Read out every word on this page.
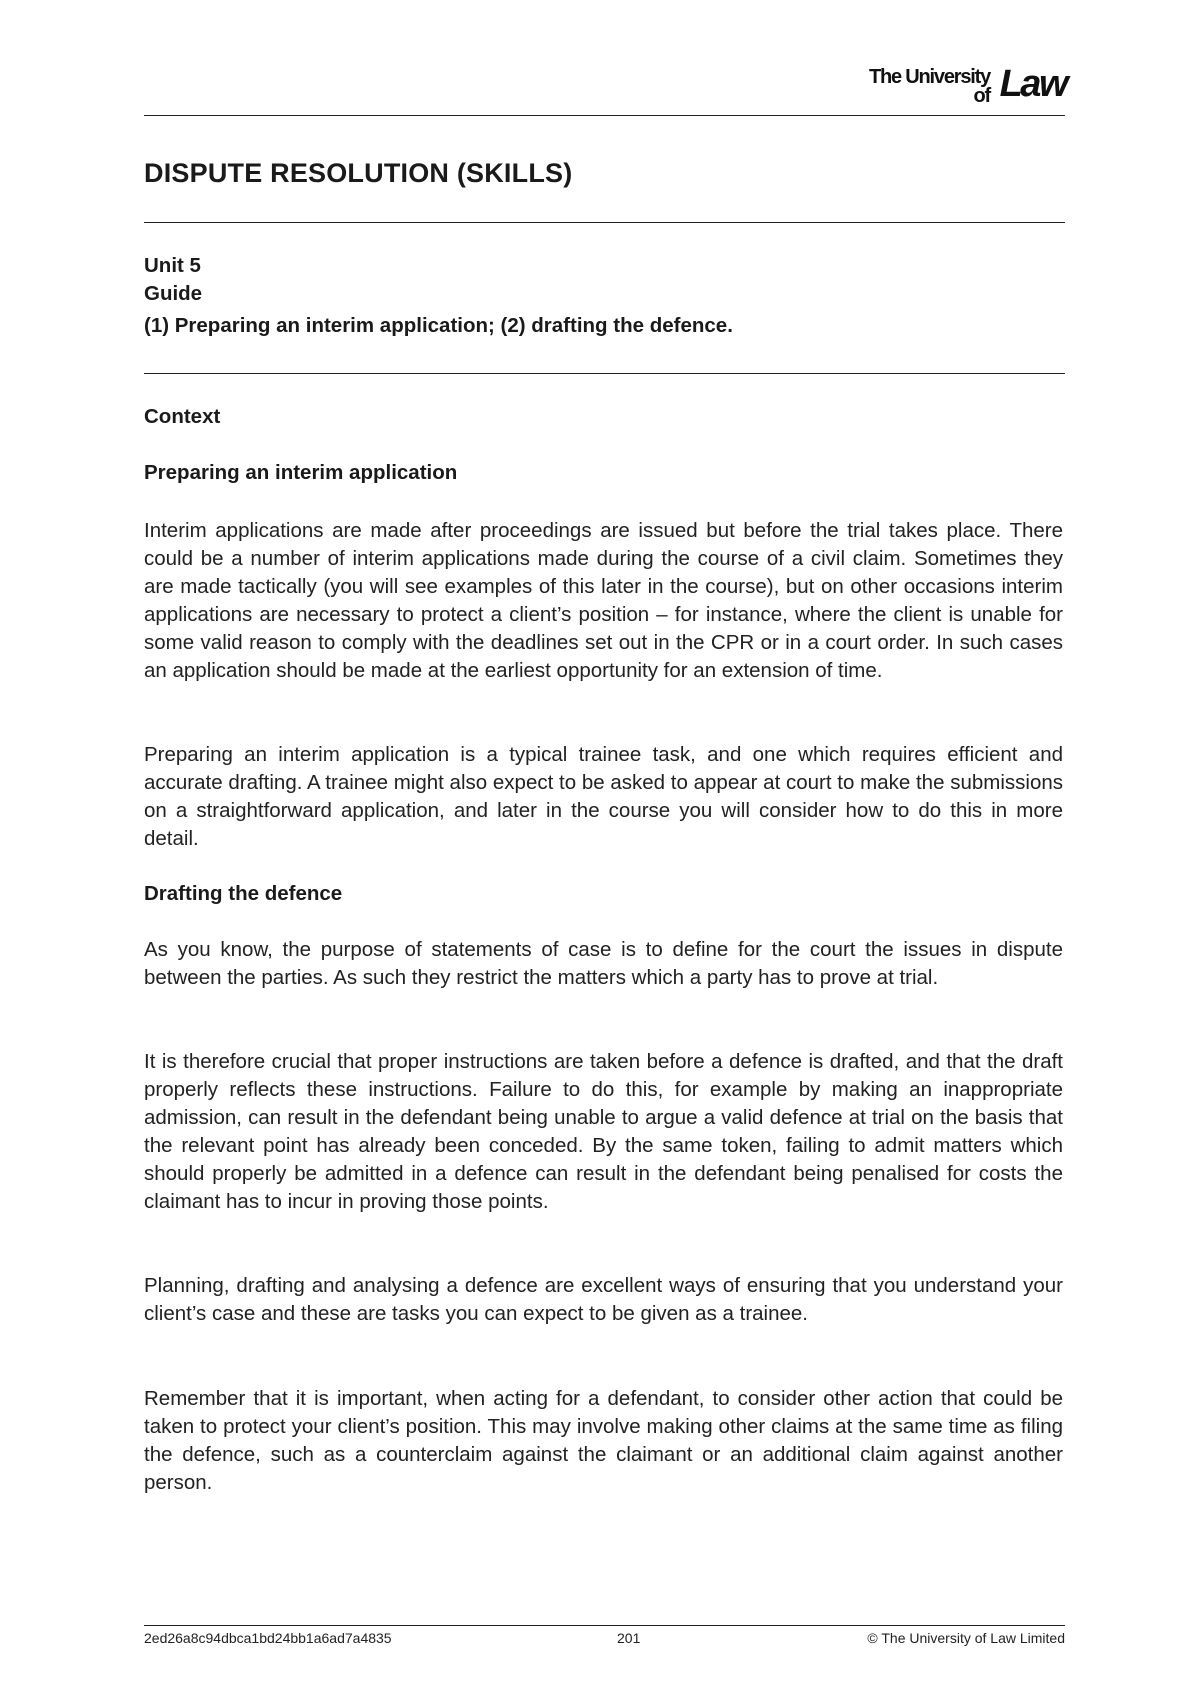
The University
of Law
DISPUTE RESOLUTION (SKILLS)
Unit 5
Guide
(1) Preparing an interim application; (2) drafting the defence.
Context
Preparing an interim application

Interim applications are made after proceedings are issued but before the trial takes place. There could be a number of interim applications made during the course of a civil claim. Sometimes they are made tactically (you will see examples of this later in the course), but on other occasions interim applications are necessary to protect a client’s position – for instance, where the client is unable for some valid reason to comply with the deadlines set out in the CPR or in a court order. In such cases an application should be made at the earliest opportunity for an extension of time.

Preparing an interim application is a typical trainee task, and one which requires efficient and accurate drafting. A trainee might also expect to be asked to appear at court to make the submissions on a straightforward application, and later in the course you will consider how to do this in more detail.

Drafting the defence

As you know, the purpose of statements of case is to define for the court the issues in dispute between the parties. As such they restrict the matters which a party has to prove at trial.

It is therefore crucial that proper instructions are taken before a defence is drafted, and that the draft properly reflects these instructions. Failure to do this, for example by making an inappropriate admission, can result in the defendant being unable to argue a valid defence at trial on the basis that the relevant point has already been conceded. By the same token, failing to admit matters which should properly be admitted in a defence can result in the defendant being penalised for costs the claimant has to incur in proving those points.

Planning, drafting and analysing a defence are excellent ways of ensuring that you understand your client’s case and these are tasks you can expect to be given as a trainee.

Remember that it is important, when acting for a defendant, to consider other action that could be taken to protect your client’s position. This may involve making other claims at the same time as filing the defence, such as a counterclaim against the claimant or an additional claim against another person.

2ed26a8c94dbca1bd24bb1a6ad7a4835	201	© The University of Law Limited
